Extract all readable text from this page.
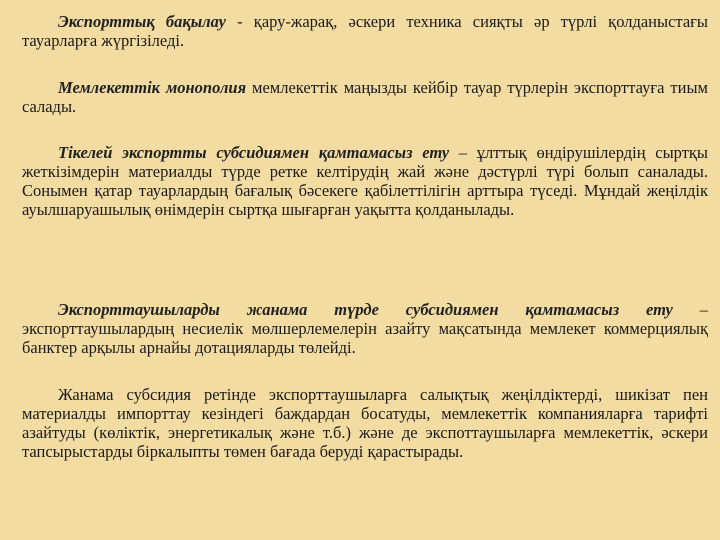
Экспорттық бақылау - қару-жарақ, әскери техника сияқты әр түрлі қолданыстағы тауарларға жүргізіледі.

Мемлекеттік монополия мемлекеттік маңызды кейбір тауар түрлерін экспорттауға тиым салады.

Тікелей экспортты субсидиямен қамтамасыз ету – ұлттық өндірушілердің сыртқы жеткізімдерін материалды түрде ретке келтірудің жай және дәстүрлі түрі болып саналады. Сонымен қатар тауарлардың бағалық бәсекеге қабілеттілігін арттыра түседі. Мұндай жеңілдік ауылшаруашылық өнімдерін сыртқа шығарған уақытта қолданылады.

Экспорттаушыларды жанама түрде субсидиямен қамтамасыз ету – экспорттаушылардың несиелік мөлшерлемелерін азайту мақсатында мемлекет коммерциялық банктер арқылы арнайы дотацияларды төлейді.

Жанама субсидия ретінде экспорттаушыларға салықтық жеңілдіктерді, шикізат пен материалды импорттау кезіндегі баждардан босатуды, мемлекеттік компанияларға тарифті азайтуды (көліктік, энергетикалық және т.б.) және де экспоттаушыларға мемлекеттік, әскери тапсырыстарды біркалыпты төмен бағада беруді қарастырады.
